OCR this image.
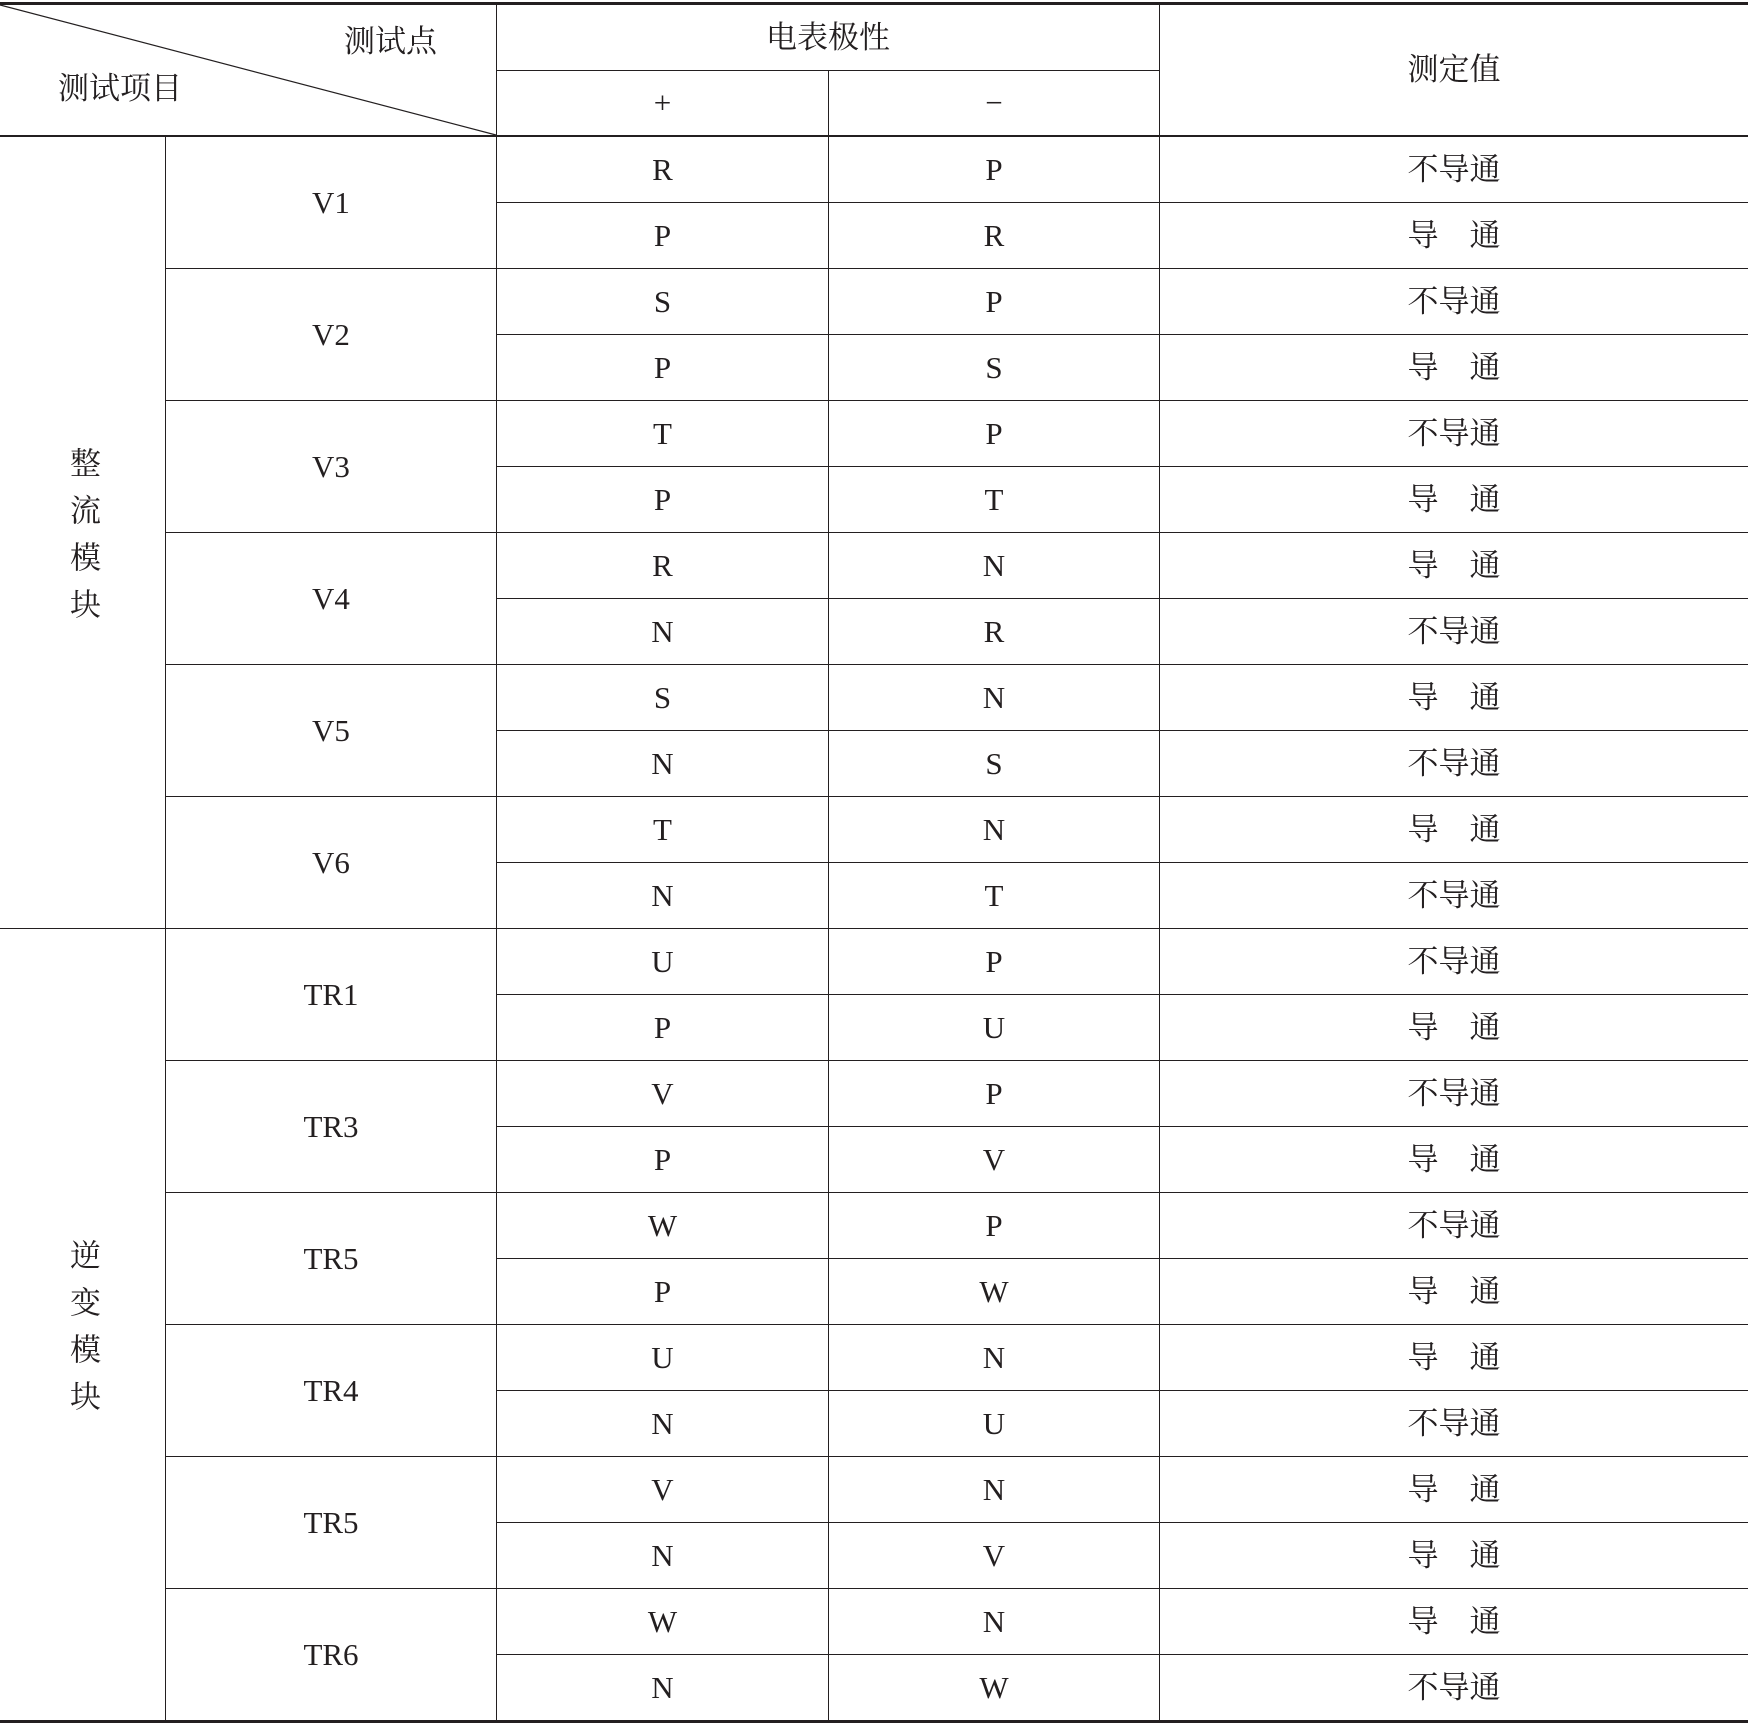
测试点
测试项目
电表极性
测定值
+	−
整流模块
V1
R	P	不导通
P	R	导　通
V2
S	P	不导通
P	S	导　通
V3
T	P	不导通
P	T	导　通
V4
R	N	导　通
N	R	不导通
V5
S	N	导　通
N	S	不导通
V6
T	N	导　通
N	T	不导通
逆变模块
TR1
U	P	不导通
P	U	导　通
TR3
V	P	不导通
P	V	导　通
TR5
W	P	不导通
P	W	导　通
TR4
U	N	导　通
N	U	不导通
TR5
V	N	导　通
N	V	导　通
TR6
W	N	导　通
N	W	不导通
